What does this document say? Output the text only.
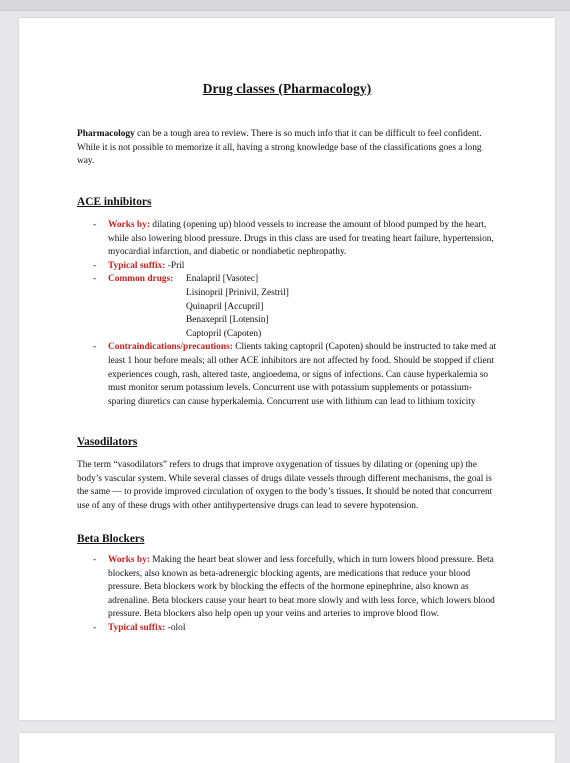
Drug classes (Pharmacology)

Pharmacology can be a tough area to review. There is so much info that it can be difficult to feel confident. While it is not possible to memorize it all, having a strong knowledge base of the classifications goes a long way.

ACE inhibitors
- Works by: dilating (opening up) blood vessels to increase the amount of blood pumped by the heart, while also lowering blood pressure. Drugs in this class are used for treating heart failure, hypertension, myocardial infarction, and diabetic or nondiabetic nephropathy.
- Typical suffix: -Pril
- Common drugs: Enalapril [Vasotec]
Lisinopril [Prinivil, Zestril]
Quinapril [Accupril]
Benaxepril [Lotensin]
Captopril (Capoten)
- Contraindications/precautions: Clients taking captopril (Capoten) should be instructed to take med at least 1 hour before meals; all other ACE inhibitors are not affected by food. Should be stopped if client experiences cough, rash, altered taste, angioedema, or signs of infections. Can cause hyperkalemia so must monitor serum potassium levels. Concurrent use with potassium supplements or potassium-sparing diuretics can cause hyperkalemia. Concurrent use with lithium can lead to lithium toxicity
Vasodilators

The term “vasodilators” refers to drugs that improve oxygenation of tissues by dilating or (opening up) the body’s vascular system. While several classes of drugs dilate vessels through different mechanisms, the goal is the same — to provide improved circulation of oxygen to the body’s tissues. It should be noted that concurrent use of any of these drugs with other antihypertensive drugs can lead to severe hypotension.

Beta Blockers
- Works by: Making the heart beat slower and less forcefully, which in turn lowers blood pressure. Beta blockers, also known as beta-adrenergic blocking agents, are medications that reduce your blood pressure. Beta blockers work by blocking the effects of the hormone epinephrine, also known as adrenaline. Beta blockers cause your heart to beat more slowly and with less force, which lowers blood pressure. Beta blockers also help open up your veins and arteries to improve blood flow.
- Typical suffix: -olol
